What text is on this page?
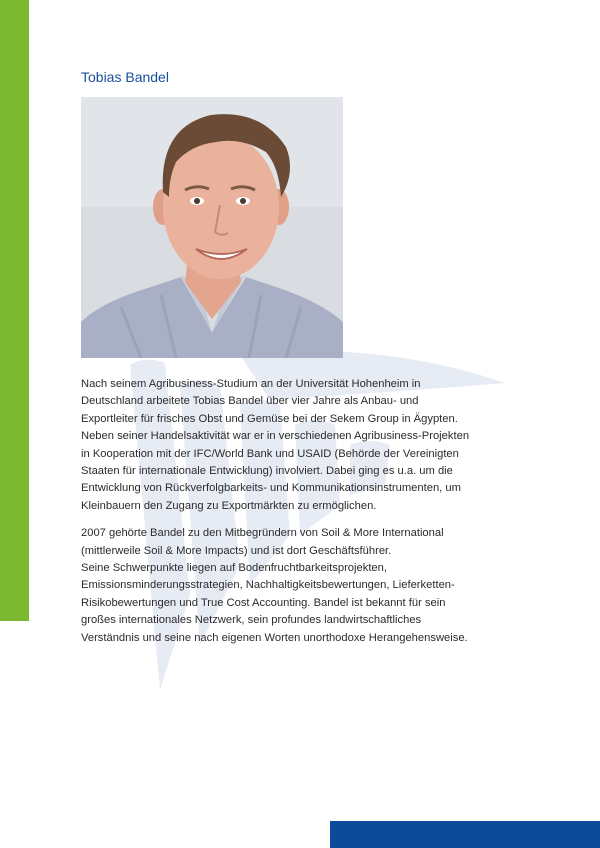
Tobias Bandel

Nach seinem Agribusiness-Studium an der Universität Hohenheim in
Deutschland arbeitete Tobias Bandel über vier Jahre als Anbau- und
Exportleiter für frisches Obst und Gemüse bei der Sekem Group in Ägypten.
Neben seiner Handelsaktivität war er in verschiedenen Agribusiness-Projekten
in Kooperation mit der IFC/World Bank und USAID (Behörde der Vereinigten
Staaten für internationale Entwicklung) involviert. Dabei ging es u.a. um die
Entwicklung von Rückverfolgbarkeits- und Kommunikationsinstrumenten, um
Kleinbauern den Zugang zu Exportmärkten zu ermöglichen.

2007 gehörte Bandel zu den Mitbegründern von Soil & More International
(mittlerweile Soil & More Impacts) und ist dort Geschäftsführer.
Seine Schwerpunkte liegen auf Bodenfruchtbarkeitsprojekten,
Emissionsminderungsstrategien, Nachhaltigkeitsbewertungen, Lieferketten-
Risikobewertungen und True Cost Accounting. Bandel ist bekannt für sein
großes internationales Netzwerk, sein profundes landwirtschaftliches
Verständnis und seine nach eigenen Worten unorthodoxe Herangehensweise.
